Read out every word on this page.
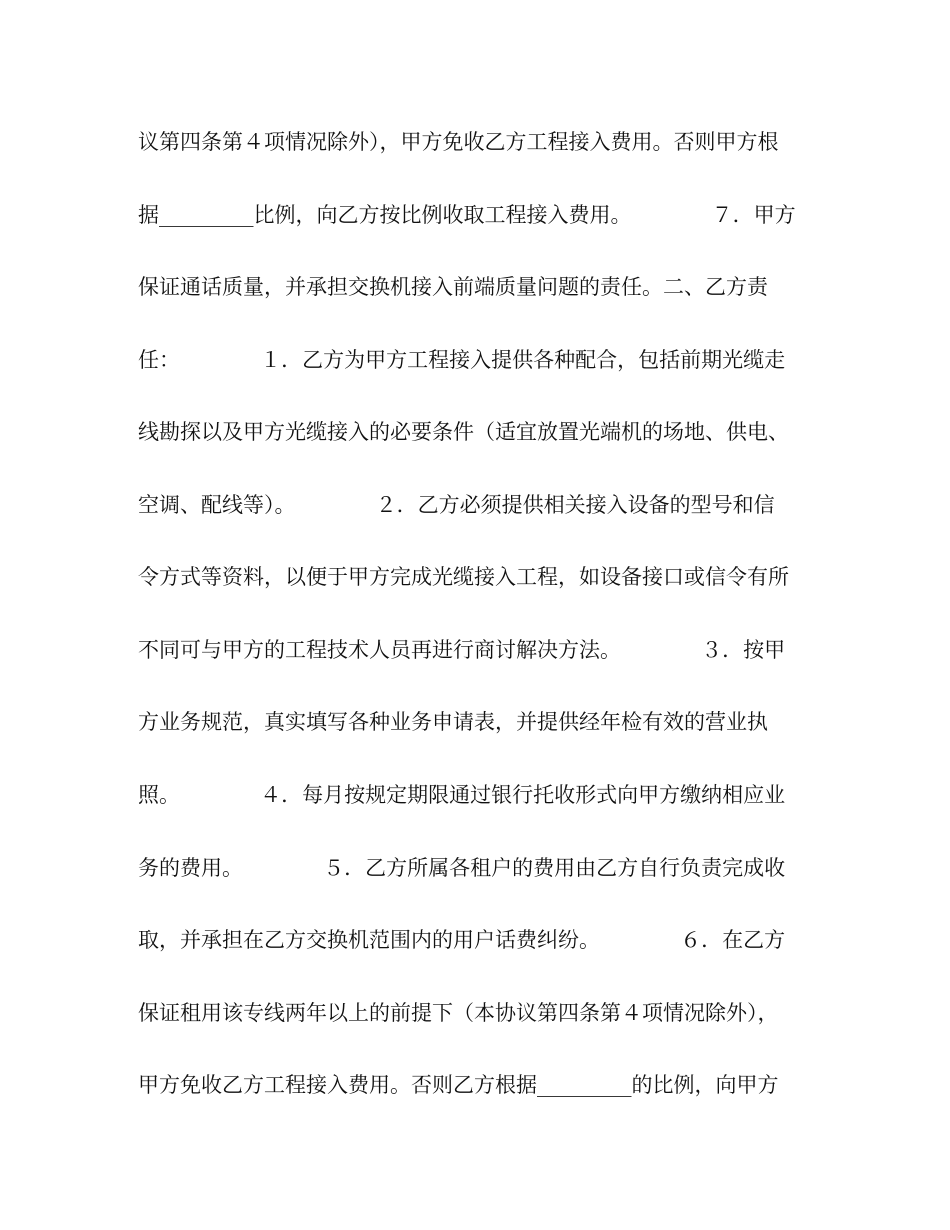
议第四条第４项情况除外），甲方免收乙方工程接入费用。否则甲方根
据_________比例，向乙方按比例收取工程接入费用。            ７．甲方
保证通话质量，并承担交换机接入前端质量问题的责任。二、乙方责
任：            １．乙方为甲方工程接入提供各种配合，包括前期光缆走
线勘探以及甲方光缆接入的必要条件（适宜放置光端机的场地、供电、
空调、配线等）。            ２．乙方必须提供相关接入设备的型号和信
令方式等资料，以便于甲方完成光缆接入工程，如设备接口或信令有所
不同可与甲方的工程技术人员再进行商讨解决方法。            ３．按甲
方业务规范，真实填写各种业务申请表，并提供经年检有效的营业执
照。            ４．每月按规定期限通过银行托收形式向甲方缴纳相应业
务的费用。            ５．乙方所属各租户的费用由乙方自行负责完成收
取，并承担在乙方交换机范围内的用户话费纠纷。            ６．在乙方
保证租用该专线两年以上的前提下（本协议第四条第４项情况除外），
甲方免收乙方工程接入费用。否则乙方根据_________的比例，向甲方
